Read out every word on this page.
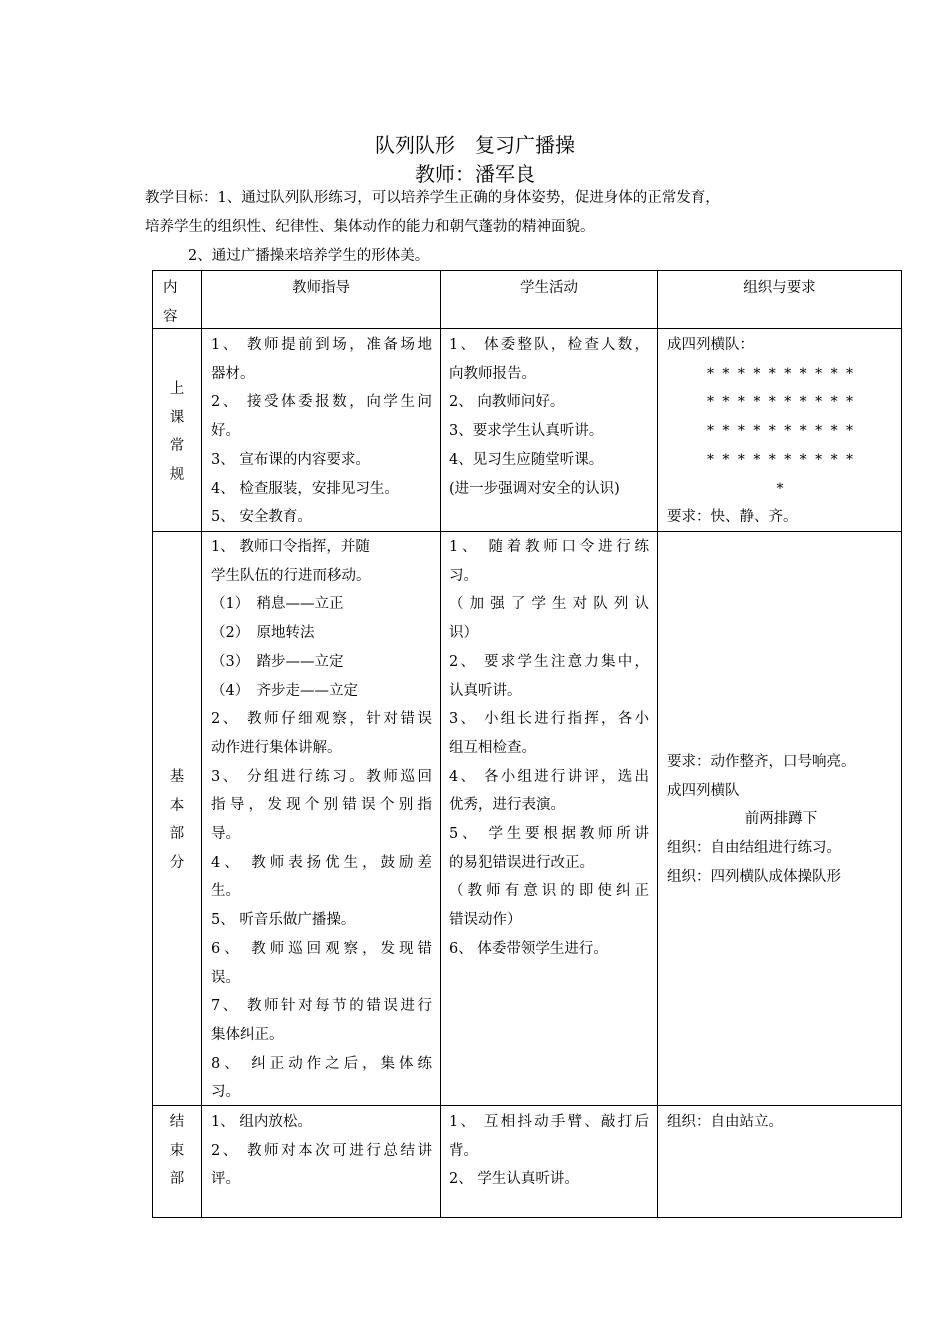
队列队形　复习广播操
教师：潘军良
教学目标：1、通过队列队形练习，可以培养学生正确的身体姿势，促进身体的正常发育，
培养学生的组织性、纪律性、集体动作的能力和朝气蓬勃的精神面貌。
2、通过广播操来培养学生的形体美。
内
容
教师指导	学生活动	组织与要求
上
课
常
规
1、 教师提前到场，准备场地
器材。
2、 接受体委报数，向学生问
好。
3、 宣布课的内容要求。
4、 检查服装，安排见习生。
5、 安全教育。
1、 体委整队，检查人数，
向教师报告。
2、 向教师问好。
3、要求学生认真听讲。
4、见习生应随堂听课。
(进一步强调对安全的认识)
成四列横队：
* * * * * * * * * *
* * * * * * * * * *
* * * * * * * * * *
* * * * * * * * * *
*
要求：快、静、齐。
基
本
部
分
1、 教师口令指挥，并随
学生队伍的行进而移动。
（1）　稍息——立正
（2）　原地转法
（3）　踏步——立定
（4）　齐步走——立定
2、 教师仔细观察，针对错误
动作进行集体讲解。
3、 分组进行练习。教师巡回
指导，发现个别错误个别指
导。
4、 教师表扬优生，鼓励差
生。
5、 听音乐做广播操。
6、 教师巡回观察，发现错
误。
7、 教师针对每节的错误进行
集体纠正。
8、 纠正动作之后，集体练
习。
1、 随着教师口令进行练
习。
（加强了学生对队列认
识）
2、 要求学生注意力集中，
认真听讲。
3、 小组长进行指挥，各小
组互相检查。
4、 各小组进行讲评，选出
优秀，进行表演。
5、 学生要根据教师所讲
的易犯错误进行改正。
（教师有意识的即使纠正
错误动作）
6、 体委带领学生进行。
要求：动作整齐，口号响亮。
成四列横队
前两排蹲下
组织：自由结组进行练习。
组织：四列横队成体操队形
结
束
部
1、 组内放松。
2、 教师对本次可进行总结讲
评。
1、 互相抖动手臂、敲打后
背。
2、 学生认真听讲。
组织：自由站立。
